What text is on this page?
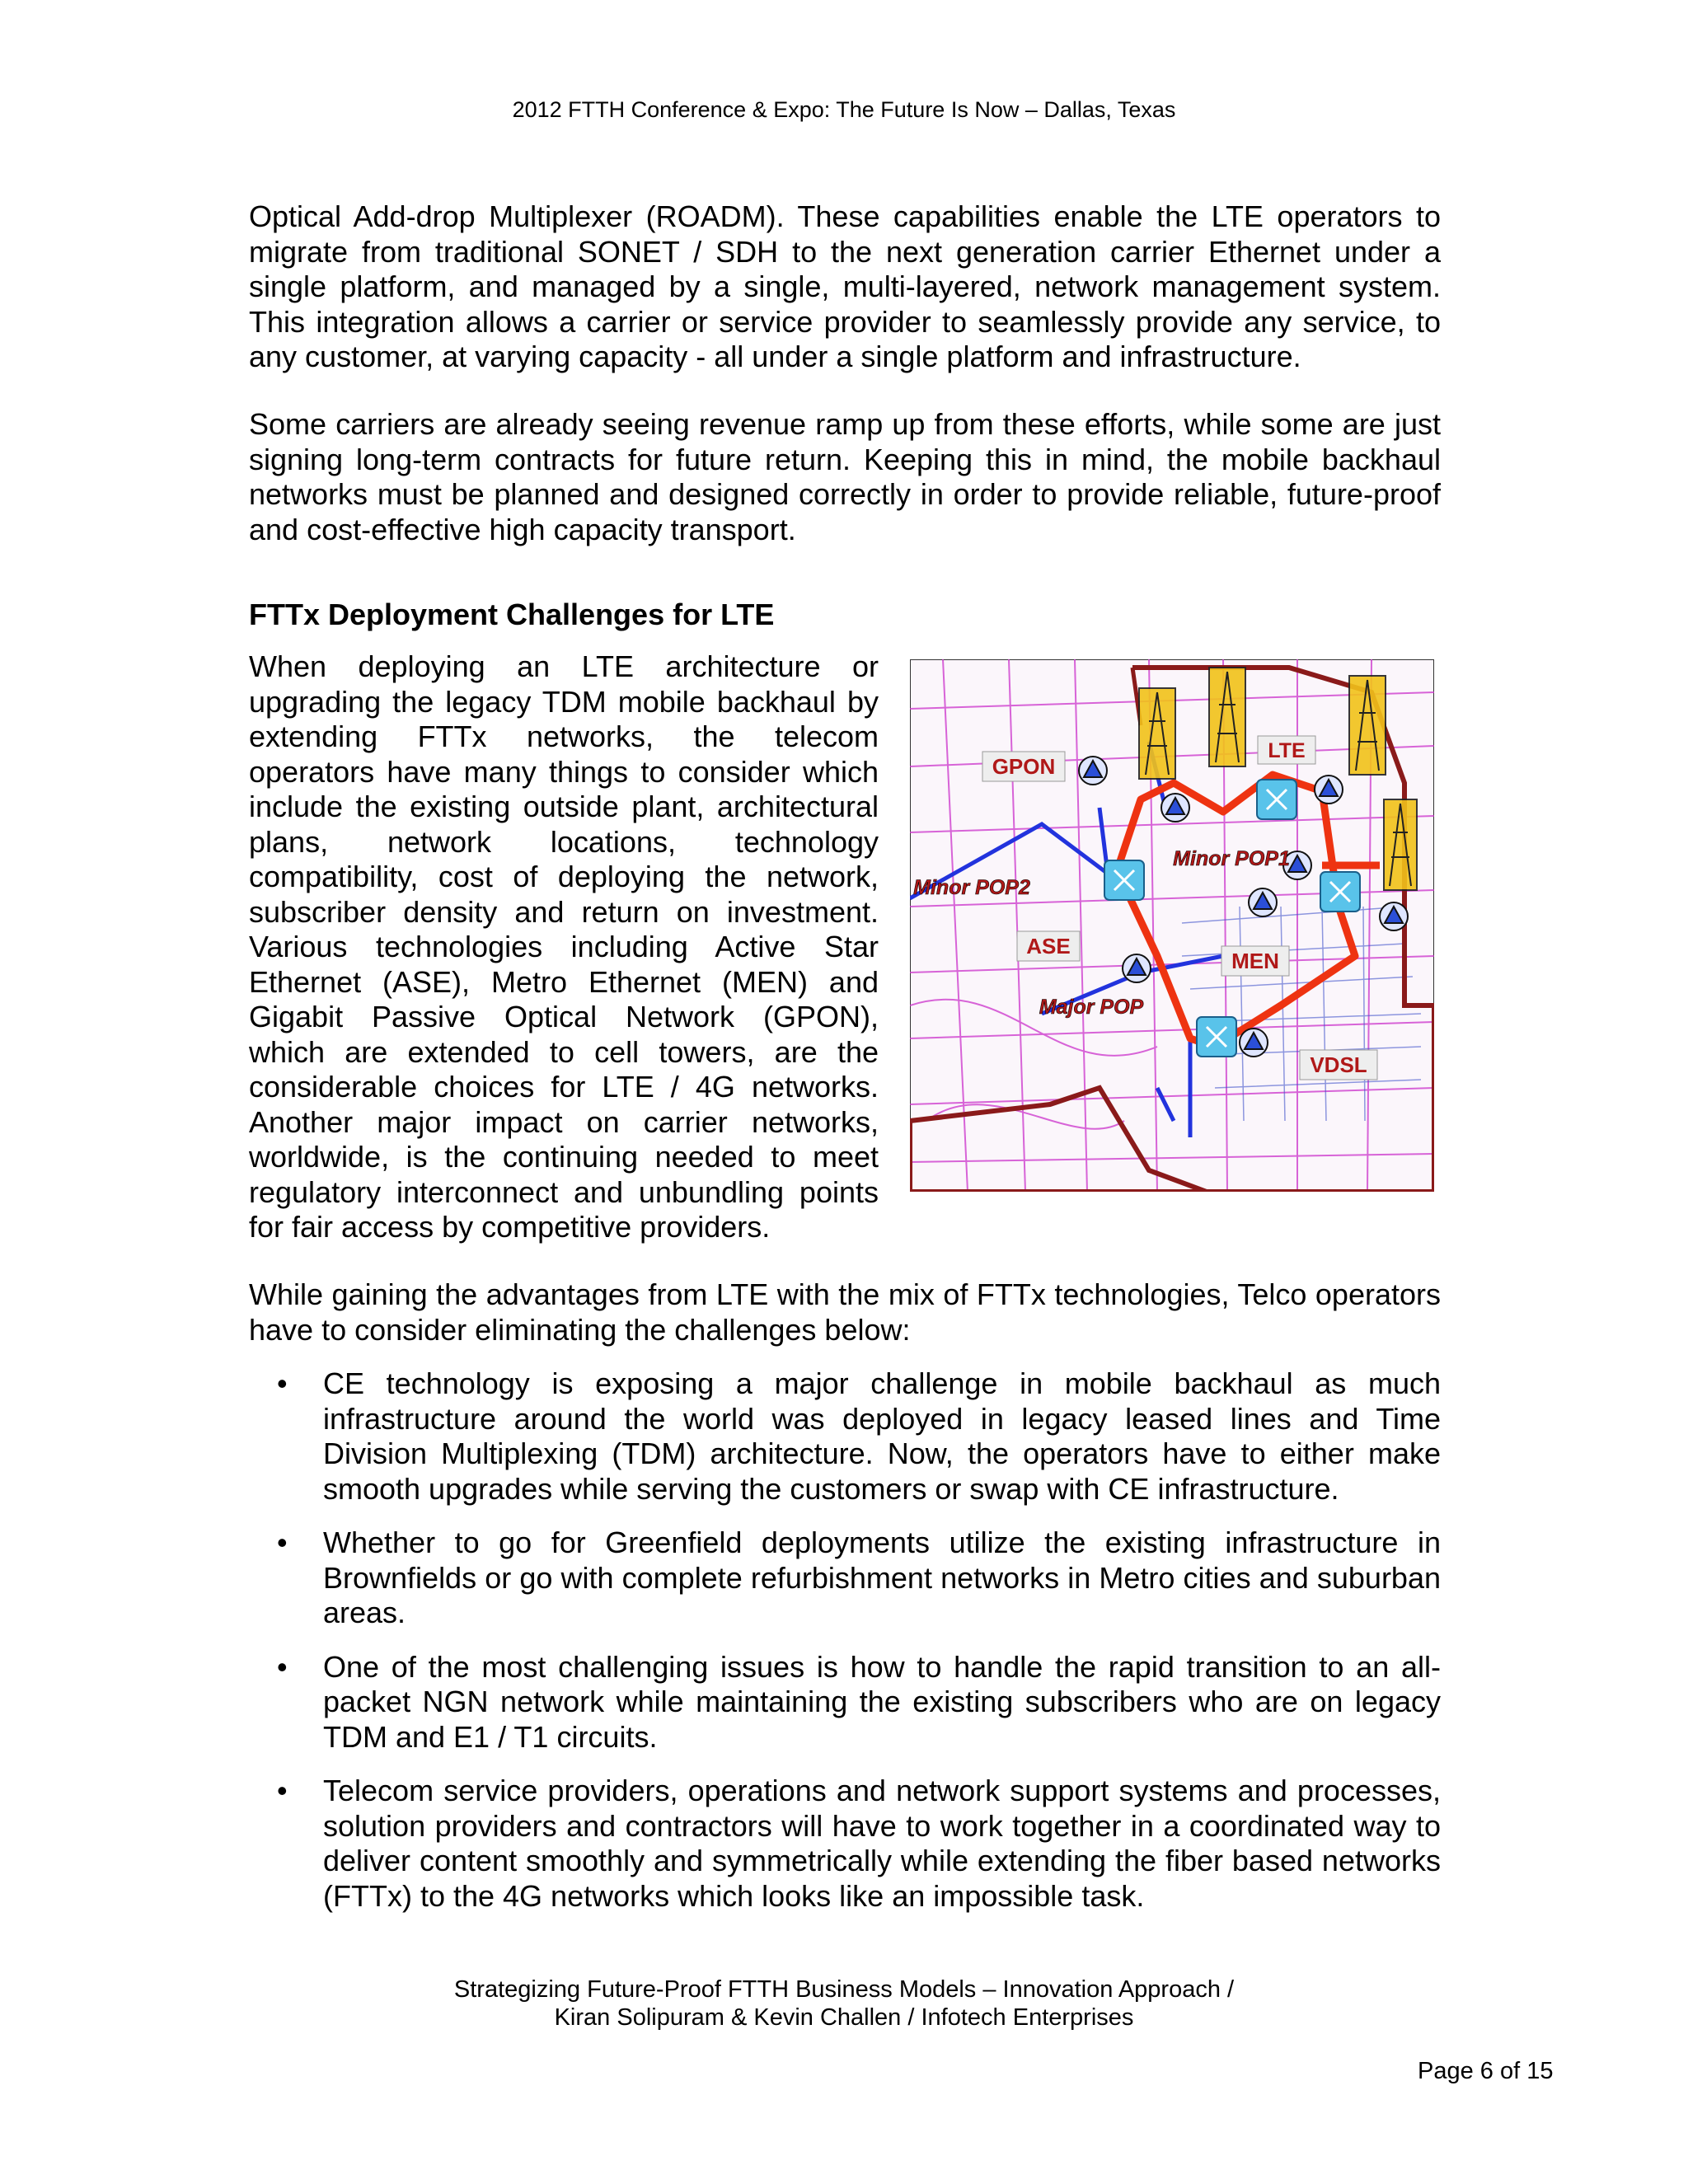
2012 FTTH Conference & Expo: The Future Is Now – Dallas, Texas

Optical Add-drop Multiplexer (ROADM). These capabilities enable the LTE operators to migrate from traditional SONET / SDH to the next generation carrier Ethernet under a single platform, and managed by a single, multi-layered, network management system. This integration allows a carrier or service provider to seamlessly provide any service, to any customer, at varying capacity - all under a single platform and infrastructure.

Some carriers are already seeing revenue ramp up from these efforts, while some are just signing long-term contracts for future return. Keeping this in mind, the mobile backhaul networks must be planned and designed correctly in order to provide reliable, future-proof and cost-effective high capacity transport.

FTTx Deployment Challenges for LTE

When deploying an LTE architecture or upgrading the legacy TDM mobile backhaul by extending FTTx networks, the telecom operators have many things to consider which include the existing outside plant, architectural plans, network locations, technology compatibility, cost of deploying the network, subscriber density and return on investment. Various technologies including Active Star Ethernet (ASE), Metro Ethernet (MEN) and Gigabit Passive Optical Network (GPON), which are extended to cell towers, are the considerable choices for LTE / 4G networks. Another major impact on carrier networks, worldwide, is the continuing needed to meet regulatory interconnect and unbundling points for fair access by competitive providers.

GPON
LTE
Minor POP2
Minor POP1
ASE
MEN
Major POP
VDSL

While gaining the advantages from LTE with the mix of FTTx technologies, Telco operators have to consider eliminating the challenges below:

• CE technology is exposing a major challenge in mobile backhaul as much infrastructure around the world was deployed in legacy leased lines and Time Division Multiplexing (TDM) architecture. Now, the operators have to either make smooth upgrades while serving the customers or swap with CE infrastructure.
• Whether to go for Greenfield deployments utilize the existing infrastructure in Brownfields or go with complete refurbishment networks in Metro cities and suburban areas.
• One of the most challenging issues is how to handle the rapid transition to an all-packet NGN network while maintaining the existing subscribers who are on legacy TDM and E1 / T1 circuits.
• Telecom service providers, operations and network support systems and processes, solution providers and contractors will have to work together in a coordinated way to deliver content smoothly and symmetrically while extending the fiber based networks (FTTx) to the 4G networks which looks like an impossible task.
Strategizing Future-Proof FTTH Business Models – Innovation Approach /
Kiran Solipuram & Kevin Challen / Infotech Enterprises
Page 6 of 15
